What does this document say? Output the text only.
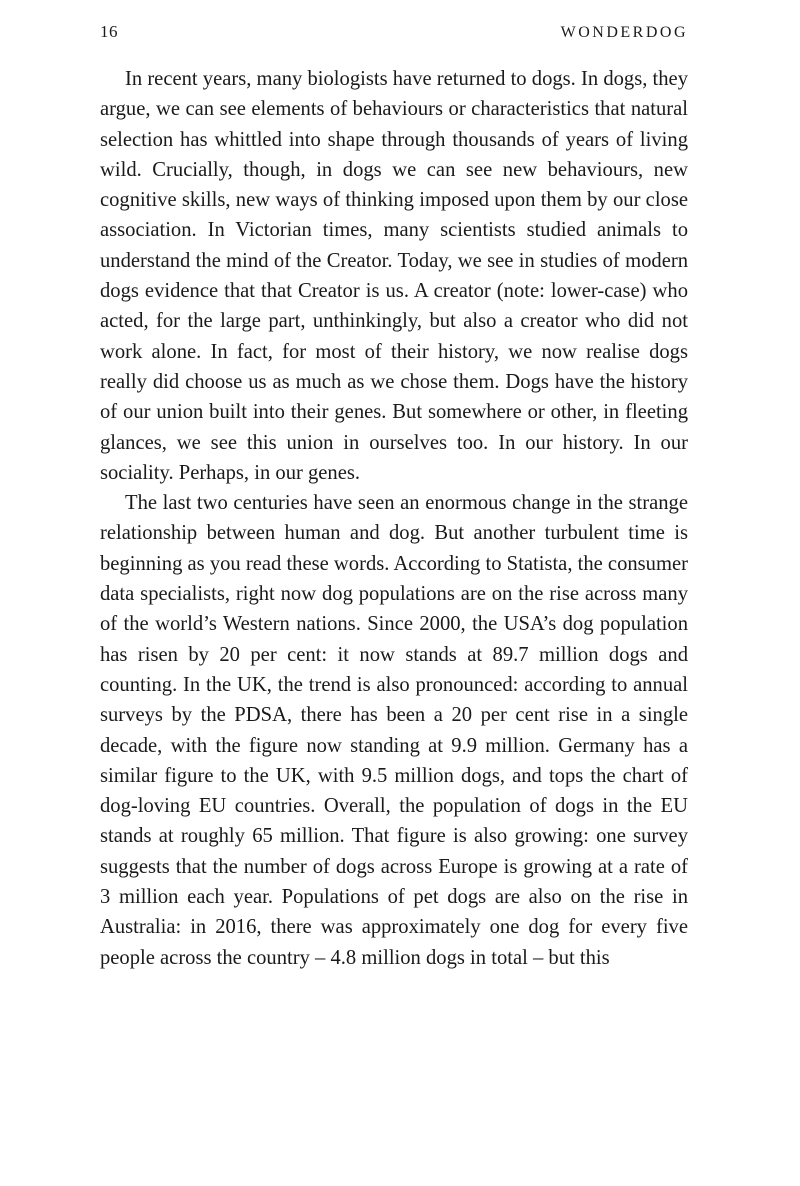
16	WONDERDOG

In recent years, many biologists have returned to dogs. In dogs, they argue, we can see elements of behaviours or characteristics that natural selection has whittled into shape through thousands of years of living wild. Crucially, though, in dogs we can see new behaviours, new cognitive skills, new ways of thinking imposed upon them by our close association. In Victorian times, many scientists studied animals to understand the mind of the Creator. Today, we see in studies of modern dogs evidence that that Creator is us. A creator (note: lower-case) who acted, for the large part, unthinkingly, but also a creator who did not work alone. In fact, for most of their history, we now realise dogs really did choose us as much as we chose them. Dogs have the history of our union built into their genes. But somewhere or other, in fleeting glances, we see this union in ourselves too. In our history. In our sociality. Perhaps, in our genes.

The last two centuries have seen an enormous change in the strange relationship between human and dog. But another turbulent time is beginning as you read these words. According to Statista, the consumer data specialists, right now dog populations are on the rise across many of the world’s Western nations. Since 2000, the USA’s dog population has risen by 20 per cent: it now stands at 89.7 million dogs and counting. In the UK, the trend is also pronounced: according to annual surveys by the PDSA, there has been a 20 per cent rise in a single decade, with the figure now standing at 9.9 million. Germany has a similar figure to the UK, with 9.5 million dogs, and tops the chart of dog-loving EU countries. Overall, the population of dogs in the EU stands at roughly 65 million. That figure is also growing: one survey suggests that the number of dogs across Europe is growing at a rate of 3 million each year. Populations of pet dogs are also on the rise in Australia: in 2016, there was approximately one dog for every five people across the country – 4.8 million dogs in total – but this
